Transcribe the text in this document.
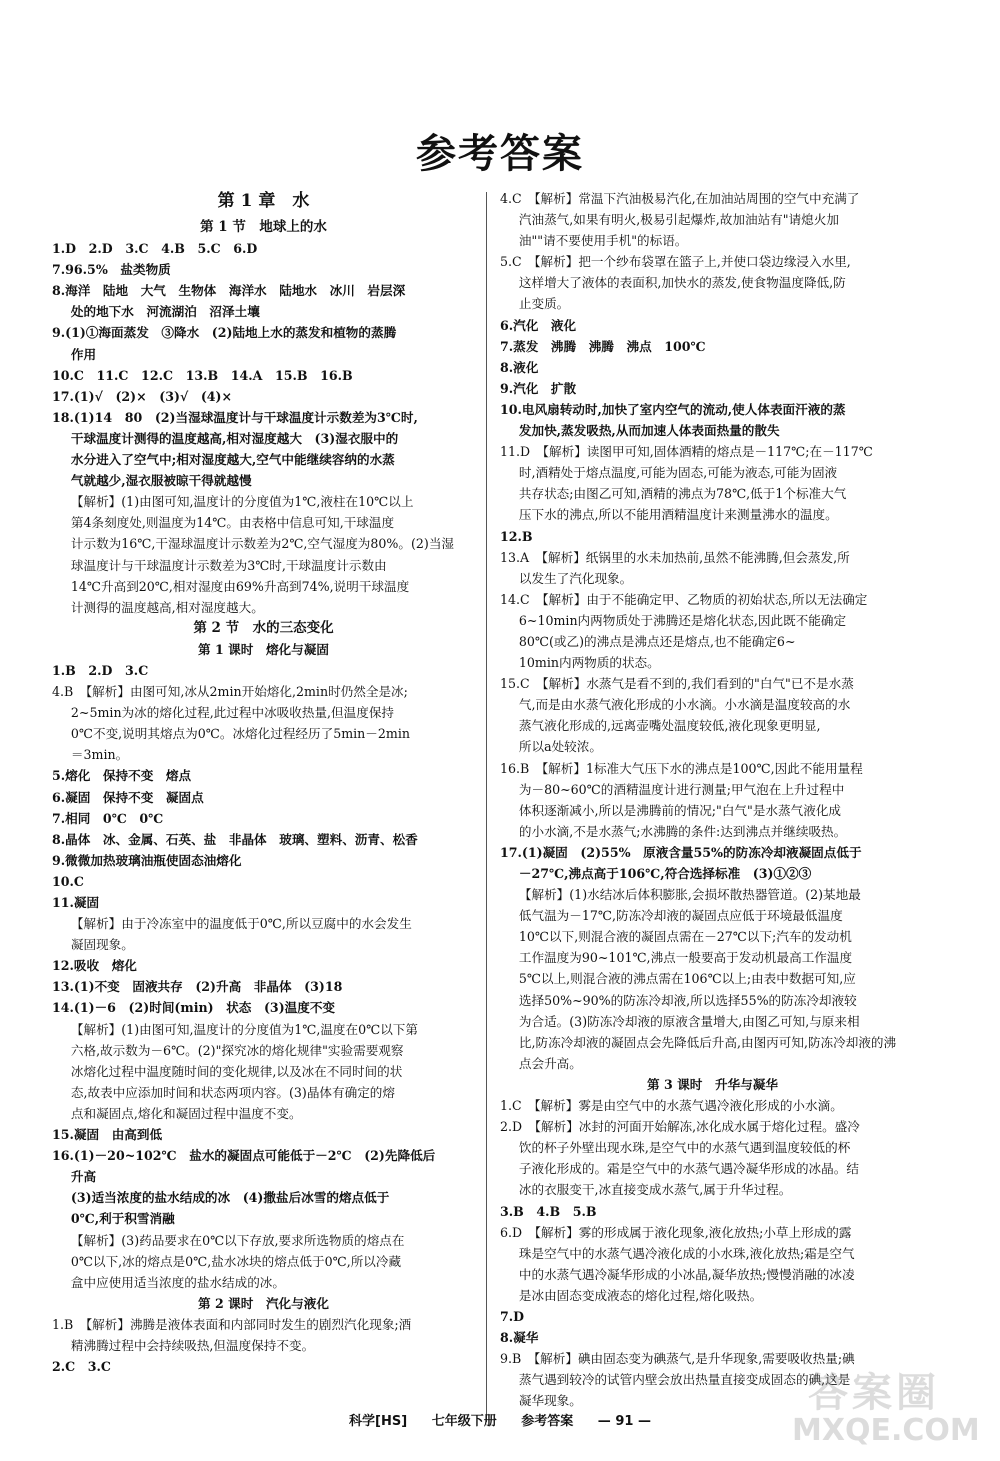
参考答案
第 1 章　水
第 1 节　地球上的水
1.D　2.D　3.C　4.B　5.C　6.D
7.96.5%　盐类物质
8.海洋　陆地　大气　生物体　海洋水　陆地水　冰川　岩层深
处的地下水　河流湖泊　沼泽土壤
9.(1)①海面蒸发　③降水　(2)陆地上水的蒸发和植物的蒸腾
作用
10.C　11.C　12.C　13.B　14.A　15.B　16.B
17.(1)√　(2)×　(3)√　(4)×
18.(1)14　80　(2)当湿球温度计与干球温度计示数差为3℃时,
干球温度计测得的温度越高,相对湿度越大　(3)湿衣服中的
水分进入了空气中;相对湿度越大,空气中能继续容纳的水蒸
气就越少,湿衣服被晾干得就越慢
【解析】(1)由图可知,温度计的分度值为1℃,液柱在10℃以上
第4条刻度处,则温度为14℃。由表格中信息可知,干球温度
计示数为16℃,干湿球温度计示数差为2℃,空气湿度为80%。(2)当湿
球温度计与干球温度计示数差为3℃时,干球温度计示数由
14℃升高到20℃,相对湿度由69%升高到74%,说明干球温度
计测得的温度越高,相对湿度越大。
第 2 节　水的三态变化
第 1 课时　熔化与凝固
1.B　2.D　3.C
4.B　【解析】由图可知,冰从2min开始熔化,2min时仍然全是冰;
2~5min为冰的熔化过程,此过程中冰吸收热量,但温度保持
0℃不变,说明其熔点为0℃。冰熔化过程经历了5min－2min
＝3min。
5.熔化　保持不变　熔点
6.凝固　保持不变　凝固点
7.相同　0℃　0℃
8.晶体　冰、金属、石英、盐　非晶体　玻璃、塑料、沥青、松香
9.微微加热玻璃油瓶使固态油熔化
10.C
11.凝固
【解析】由于冷冻室中的温度低于0℃,所以豆腐中的水会发生
凝固现象。
12.吸收　熔化
13.(1)不变　固液共存　(2)升高　非晶体　(3)18
14.(1)－6　(2)时间(min)　状态　(3)温度不变
【解析】(1)由图可知,温度计的分度值为1℃,温度在0℃以下第
六格,故示数为－6℃。(2)"探究冰的熔化规律"实验需要观察
冰熔化过程中温度随时间的变化规律,以及冰在不同时间的状
态,故表中应添加时间和状态两项内容。(3)晶体有确定的熔
点和凝固点,熔化和凝固过程中温度不变。
15.凝固　由高到低
16.(1)－20~102℃　盐水的凝固点可能低于－2℃　(2)先降低后
升高
(3)适当浓度的盐水结成的冰　(4)撒盐后冰雪的熔点低于
0℃,利于积雪消融
【解析】(3)药品要求在0℃以下存放,要求所选物质的熔点在
0℃以下,冰的熔点是0℃,盐水冰块的熔点低于0℃,所以冷藏
盒中应使用适当浓度的盐水结成的冰。
第 2 课时　汽化与液化
1.B　【解析】沸腾是液体表面和内部同时发生的剧烈汽化现象;酒
精沸腾过程中会持续吸热,但温度保持不变。
2.C　3.C
4.C　【解析】常温下汽油极易汽化,在加油站周围的空气中充满了
汽油蒸气,如果有明火,极易引起爆炸,故加油站有"请熄火加
油""请不要使用手机"的标语。
5.C　【解析】把一个纱布袋罩在篮子上,并使口袋边缘浸入水里,
这样增大了液体的表面积,加快水的蒸发,使食物温度降低,防
止变质。
6.汽化　液化
7.蒸发　沸腾　沸腾　沸点　100℃
8.液化
9.汽化　扩散
10.电风扇转动时,加快了室内空气的流动,使人体表面汗液的蒸
发加快,蒸发吸热,从而加速人体表面热量的散失
11.D　【解析】读图甲可知,固体酒精的熔点是－117℃;在－117℃
时,酒精处于熔点温度,可能为固态,可能为液态,可能为固液
共存状态;由图乙可知,酒精的沸点为78℃,低于1个标准大气
压下水的沸点,所以不能用酒精温度计来测量沸水的温度。
12.B
13.A　【解析】纸锅里的水未加热前,虽然不能沸腾,但会蒸发,所
以发生了汽化现象。
14.C　【解析】由于不能确定甲、乙物质的初始状态,所以无法确定
6~10min内两物质处于沸腾还是熔化状态,因此既不能确定
80℃(或乙)的沸点是沸点还是熔点,也不能确定6~
10min内两物质的状态。
15.C　【解析】水蒸气是看不到的,我们看到的"白气"已不是水蒸
气,而是由水蒸气液化形成的小水滴。小水滴是温度较高的水
蒸气液化形成的,远离壶嘴处温度较低,液化现象更明显,
所以a处较浓。
16.B　【解析】1标准大气压下水的沸点是100℃,因此不能用量程
为－80~60℃的酒精温度计进行测量;甲气泡在上升过程中
体积逐渐减小,所以是沸腾前的情况;"白气"是水蒸气液化成
的小水滴,不是水蒸气;水沸腾的条件:达到沸点并继续吸热。
17.(1)凝固　(2)55%　原液含量55%的防冻冷却液凝固点低于
－27℃,沸点高于106℃,符合选择标准　(3)①②③
【解析】(1)水结冰后体积膨胀,会损坏散热器管道。(2)某地最
低气温为－17℃,防冻冷却液的凝固点应低于环境最低温度
10℃以下,则混合液的凝固点需在－27℃以下;汽车的发动机
工作温度为90~101℃,沸点一般要高于发动机最高工作温度
5℃以上,则混合液的沸点需在106℃以上;由表中数据可知,应
选择50%~90%的防冻冷却液,所以选择55%的防冻冷却液较
为合适。(3)防冻冷却液的原液含量增大,由图乙可知,与原来相
比,防冻冷却液的凝固点会先降低后升高,由图丙可知,防冻冷却液的沸
点会升高。
第 3 课时　升华与凝华
1.C　【解析】雾是由空气中的水蒸气遇冷液化形成的小水滴。
2.D　【解析】冰封的河面开始解冻,冰化成水属于熔化过程。盛冷
饮的杯子外壁出现水珠,是空气中的水蒸气遇到温度较低的杯
子液化形成的。霜是空气中的水蒸气遇冷凝华形成的冰晶。结
冰的衣服变干,冰直接变成水蒸气,属于升华过程。
3.B　4.B　5.B
6.D　【解析】雾的形成属于液化现象,液化放热;小草上形成的露
珠是空气中的水蒸气遇冷液化成的小水珠,液化放热;霜是空气
中的水蒸气遇冷凝华形成的小冰晶,凝华放热;慢慢消融的冰凌
是冰由固态变成液态的熔化过程,熔化吸热。
7.D
8.凝华
9.B　【解析】碘由固态变为碘蒸气,是升华现象,需要吸收热量;碘
蒸气遇到较冷的试管内壁会放出热量直接变成固态的碘,这是
凝华现象。
科学[HS] 七年级下册 参考答案 — 91 —
答案圈
MXQE.COM
